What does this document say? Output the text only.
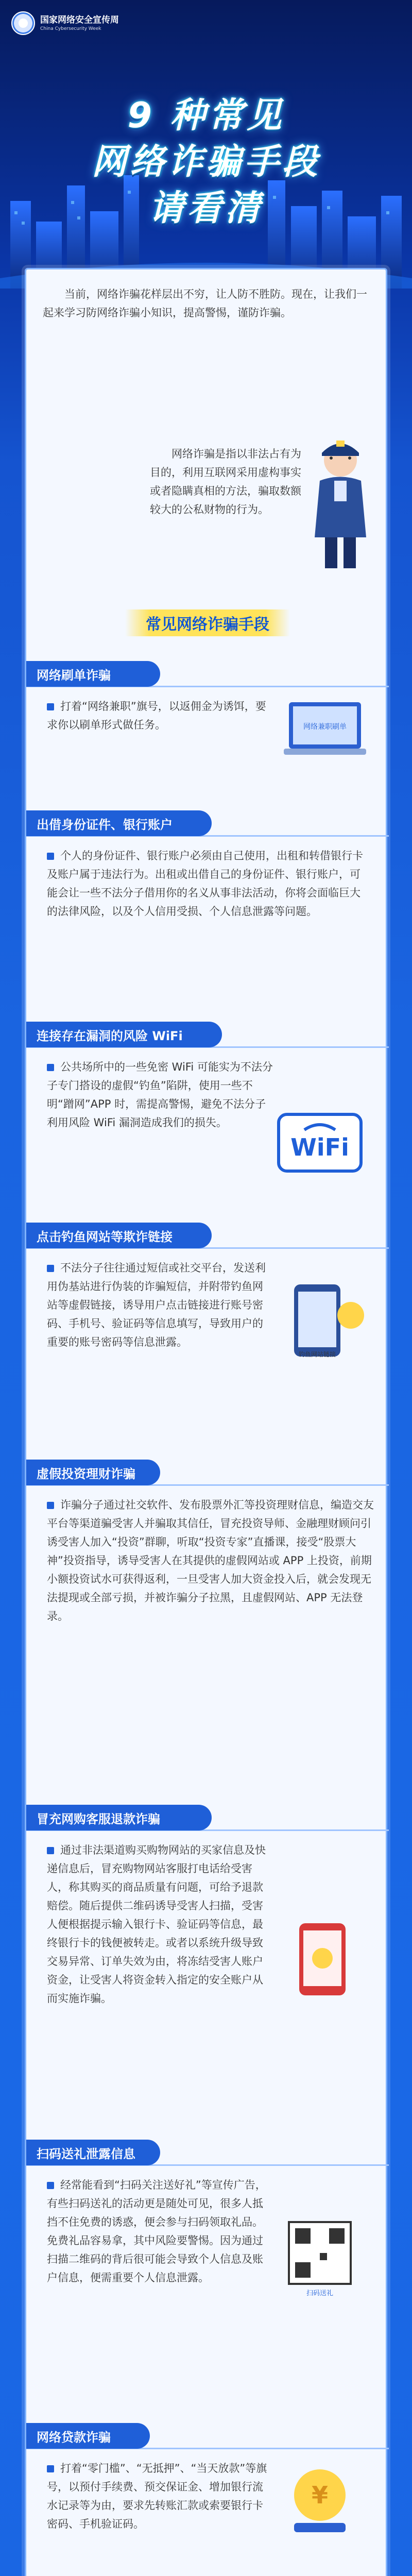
国家网络安全宣传周
China Cybersecurity Week
9 种常见
网络诈骗手段
请看清
当前，网络诈骗花样层出不穷，让人防不胜防。现在，让我们一起来学习防网络诈骗小知识，提高警惕，谨防诈骗。
网络诈骗是指以非法占有为目的，利用互联网采用虚构事实或者隐瞒真相的方法，骗取数额较大的公私财物的行为。
常见网络诈骗手段
网络刷单诈骗
打着“网络兼职”旗号，以返佣金为诱饵，要求你以刷单形式做任务。	网络兼职刷单
出借身份证件、银行账户
个人的身份证件、银行账户必须由自己使用，出租和转借银行卡及账户属于违法行为。出租或出借自己的身份证件、银行账户，可能会让一些不法分子借用你的名义从事非法活动，你将会面临巨大的法律风险，以及个人信用受损、个人信息泄露等问题。
连接存在漏洞的风险 WiFi
公共场所中的一些免密 WiFi 可能实为不法分子专门搭设的虚假“钓鱼”陷阱，使用一些不明“蹭网”APP 时，需提高警惕，避免不法分子利用风险 WiFi 漏洞造成我们的损失。
WiFi
点击钓鱼网站等欺诈链接
不法分子往往通过短信或社交平台，发送利用伪基站进行伪装的诈骗短信，并附带钓鱼网站等虚假链接，诱导用户点击链接进行账号密码、手机号、验证码等信息填写，导致用户的重要的账号密码等信息泄露。
钓鱼网站链接
虚假投资理财诈骗
诈骗分子通过社交软件、发布股票外汇等投资理财信息，编造交友平台等渠道骗受害人并骗取其信任，冒充投资导师、金融理财顾问引诱受害人加入“投资”群聊，听取“投资专家”直播课，接受“股票大神”投资指导，诱导受害人在其提供的虚假网站或 APP 上投资，前期小额投资试水可获得返利，一旦受害人加大资金投入后，就会发现无法提现或全部亏损，并被诈骗分子拉黑，且虚假网站、APP 无法登录。
冒充网购客服退款诈骗
通过非法渠道购买购物网站的买家信息及快递信息后，冒充购物网站客服打电话给受害人，称其购买的商品质量有问题，可给予退款赔偿。随后提供二维码诱导受害人扫描，受害人便根据提示输入银行卡、验证码等信息，最终银行卡的钱便被转走。或者以系统升级导致交易异常、订单失效为由，将冻结受害人账户资金，让受害人将资金转入指定的安全账户从而实施诈骗。
扫码送礼泄露信息
经常能看到“扫码关注送好礼”等宣传广告，有些扫码送礼的活动更是随处可见，很多人抵挡不住免费的诱惑，便会参与扫码领取礼品。免费礼品容易拿，其中风险要警惕。因为通过扫描二维码的背后很可能会导致个人信息及账户信息，便需重要个人信息泄露。
扫码送礼
网络贷款诈骗
打着“零门槛”、“无抵押”、“当天放款”等旗号，以预付手续费、预交保证金、增加银行流水记录等为由，要求先转账汇款或索要银行卡密码、手机验证码。
¥
